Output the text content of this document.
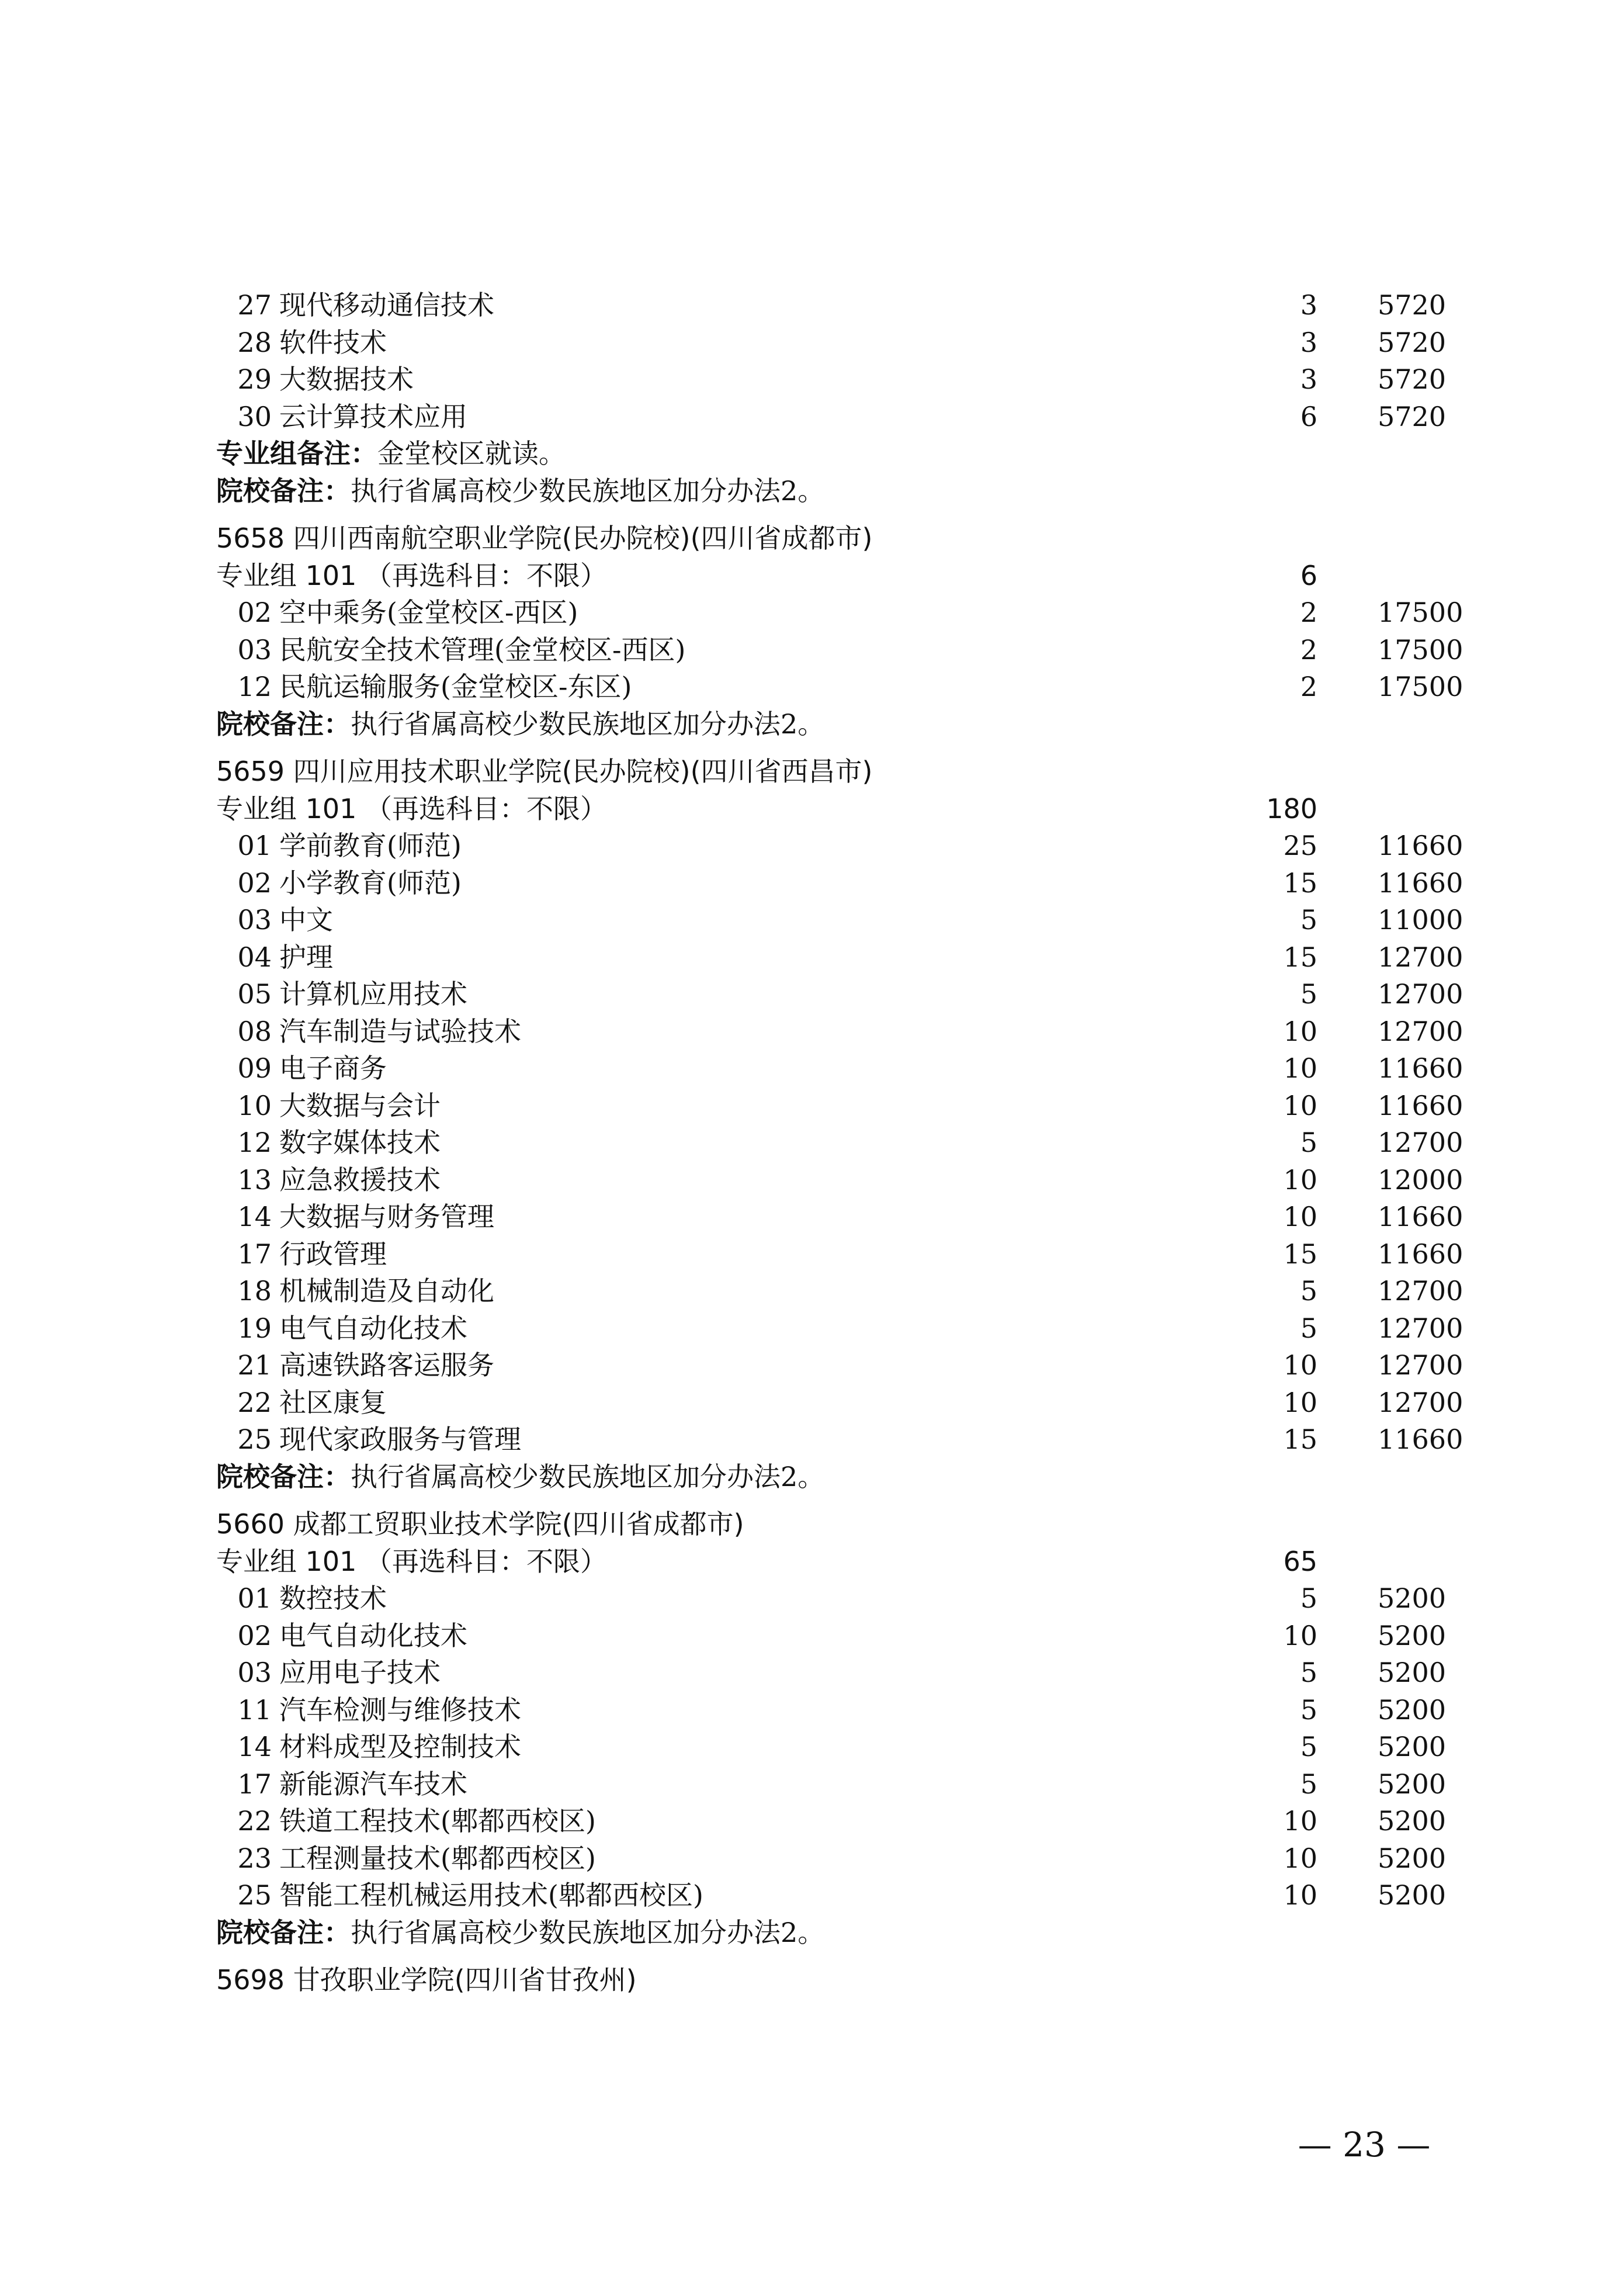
27 现代移动通信技术	3 5720
28 软件技术	3 5720
29 大数据技术	3 5720
30 云计算技术应用	6 5720
专业组备注：金堂校区就读。
院校备注：执行省属高校少数民族地区加分办法2。
5658 四川西南航空职业学院(民办院校)(四川省成都市)
专业组 101 （再选科目：不限）	6
02 空中乘务(金堂校区-西区)	2 17500
03 民航安全技术管理(金堂校区-西区)	2 17500
12 民航运输服务(金堂校区-东区)	2 17500
院校备注：执行省属高校少数民族地区加分办法2。
5659 四川应用技术职业学院(民办院校)(四川省西昌市)
专业组 101 （再选科目：不限）	180
01 学前教育(师范)	25 11660
02 小学教育(师范)	15 11660
03 中文	5 11000
04 护理	15 12700
05 计算机应用技术	5 12700
08 汽车制造与试验技术	10 12700
09 电子商务	10 11660
10 大数据与会计	10 11660
12 数字媒体技术	5 12700
13 应急救援技术	10 12000
14 大数据与财务管理	10 11660
17 行政管理	15 11660
18 机械制造及自动化	5 12700
19 电气自动化技术	5 12700
21 高速铁路客运服务	10 12700
22 社区康复	10 12700
25 现代家政服务与管理	15 11660
院校备注：执行省属高校少数民族地区加分办法2。
5660 成都工贸职业技术学院(四川省成都市)
专业组 101 （再选科目：不限）	65
01 数控技术	5 5200
02 电气自动化技术	10 5200
03 应用电子技术	5 5200
11 汽车检测与维修技术	5 5200
14 材料成型及控制技术	5 5200
17 新能源汽车技术	5 5200
22 铁道工程技术(郫都西校区)	10 5200
23 工程测量技术(郫都西校区)	10 5200
25 智能工程机械运用技术(郫都西校区)	10 5200
院校备注：执行省属高校少数民族地区加分办法2。
5698 甘孜职业学院(四川省甘孜州)
— 23 —
